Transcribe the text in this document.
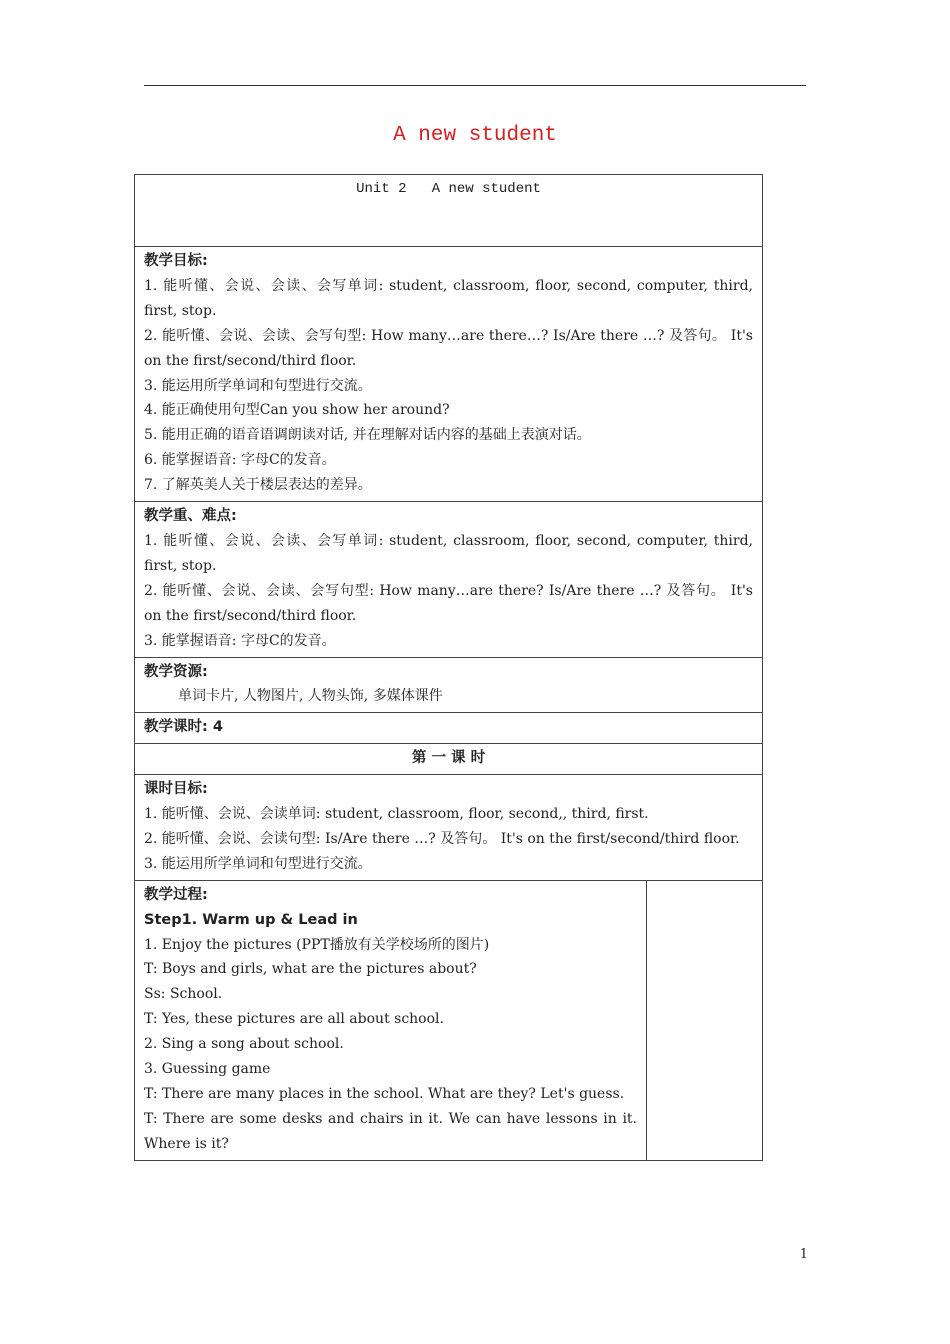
A new student
Unit 2   A new student

教学目标:
1. 能听懂、会说、会读、会写单词: student, classroom, floor, second, computer, third, first, stop.
2. 能听懂、会说、会读、会写句型: How many…are there…? Is/Are there …? 及答句。 It's on the first/second/third floor.
3. 能运用所学单词和句型进行交流。
4. 能正确使用句型Can you show her around?
5. 能用正确的语音语调朗读对话, 并在理解对话内容的基础上表演对话。
6. 能掌握语音: 字母C的发音。
7. 了解英美人关于楼层表达的差异。

教学重、难点:
1. 能听懂、会说、会读、会写单词: student, classroom, floor, second, computer, third, first, stop.
2. 能听懂、会说、会读、会写句型: How many…are there? Is/Are there …? 及答句。 It's on the first/second/third floor.
3. 能掌握语音: 字母C的发音。

教学资源:
单词卡片, 人物图片, 人物头饰, 多媒体课件

教学课时: 4
第 一 课 时

课时目标:
1. 能听懂、会说、会读单词: student, classroom, floor, second,, third, first.
2. 能听懂、会说、会读句型: Is/Are there …? 及答句。 It's on the first/second/third floor.
3. 能运用所学单词和句型进行交流。

教学过程:
Step1. Warm up & Lead in
1. Enjoy the pictures (PPT播放有关学校场所的图片)
T: Boys and girls, what are the pictures about?
Ss: School.
T: Yes, these pictures are all about school.
2. Sing a song about school.
3. Guessing game
T: There are many places in the school. What are they? Let's guess.
T: There are some desks and chairs in it. We can have lessons in it. Where is it?

1
